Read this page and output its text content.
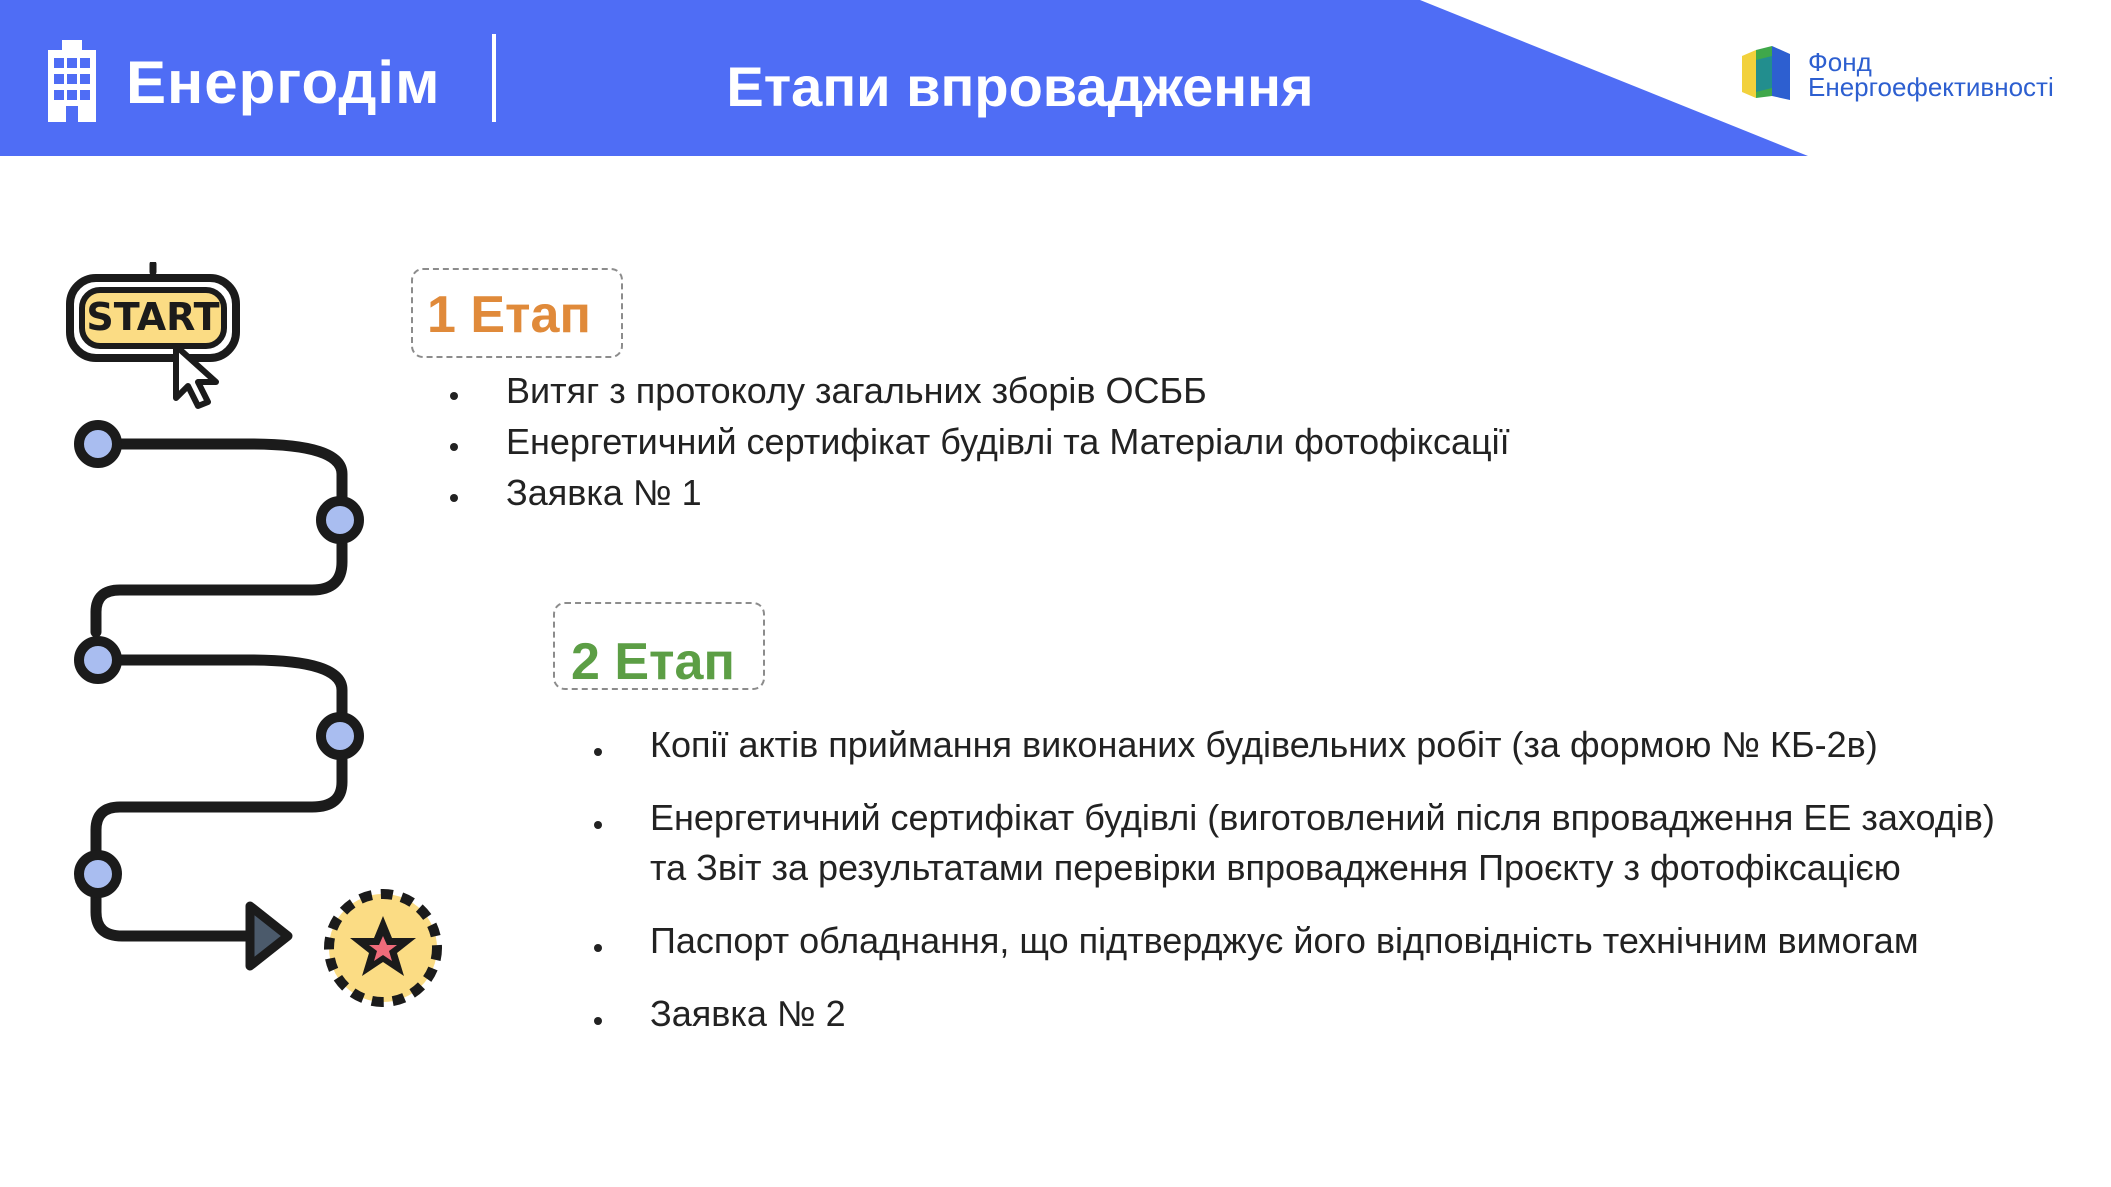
Енергодім	Етапи впровадження	Фонд
Енергоефективності
START	1 Етап
Витяг з протоколу загальних зборів ОСББ
Енергетичний сертифікат будівлі та Матеріали фотофіксації
Заявка № 1
2 Етап
Копії актів приймання виконаних будівельних робіт (за формою № КБ-2в)
Енергетичний сертифікат будівлі (виготовлений після впровадження ЕЕ заходів)
та Звіт за результатами перевірки впровадження Проєкту з фотофіксацією
Паспорт обладнання, що підтверджує його відповідність технічним вимогам
Заявка № 2
